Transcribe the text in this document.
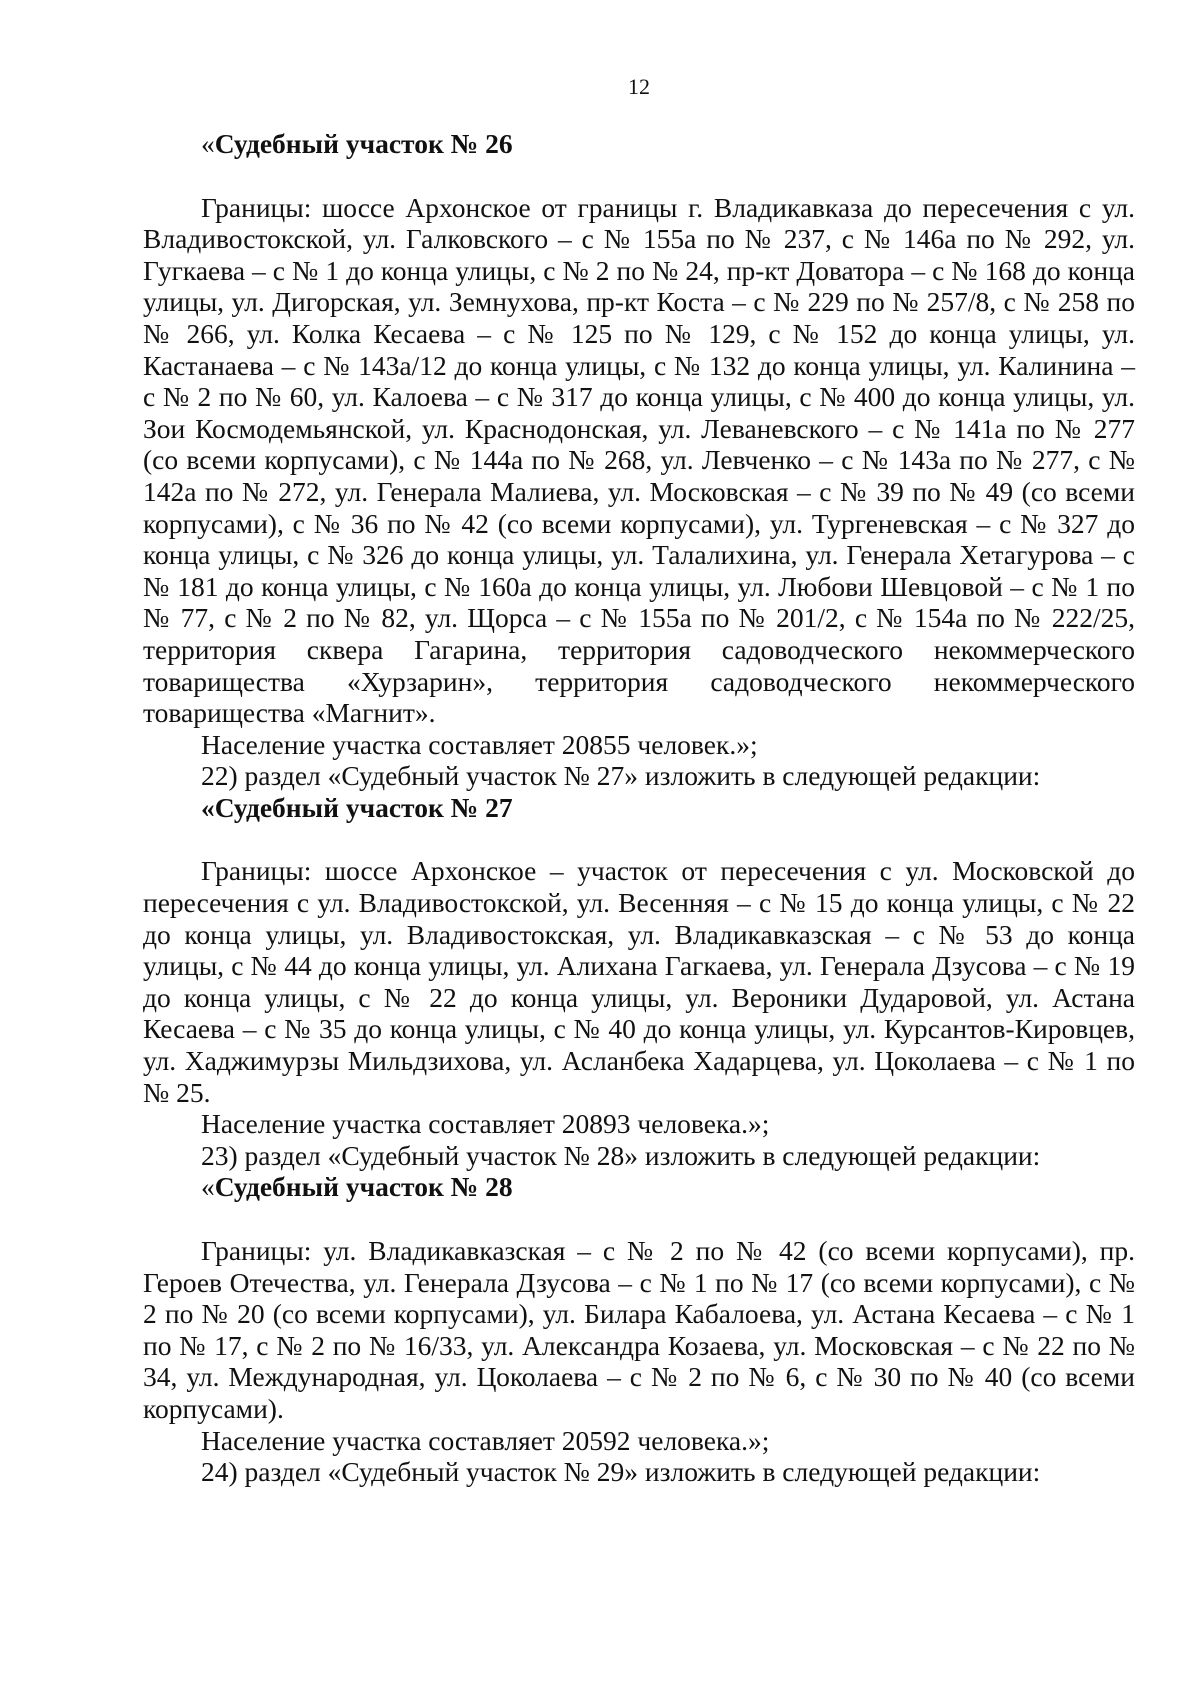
12

«Судебный участок № 26

Границы: шоссе Архонское от границы г. Владикавказа до пересечения с ул. Владивостокской, ул. Галковского – с № 155а по № 237, с № 146а по № 292, ул. Гугкаева – с № 1 до конца улицы, с № 2 по № 24, пр-кт Доватора – с № 168 до конца улицы, ул. Дигорская, ул. Земнухова, пр-кт Коста – с № 229 по № 257/8, с № 258 по № 266, ул. Колка Кесаева – с № 125 по № 129, с № 152 до конца улицы, ул. Кастанаева – с № 143а/12 до конца улицы, с № 132 до конца улицы, ул. Калинина – с № 2 по № 60, ул. Калоева – с № 317 до конца улицы, с № 400 до конца улицы, ул. Зои Космодемьянской, ул. Краснодонская, ул. Леваневского – с № 141а по № 277 (со всеми корпусами), с № 144а по № 268, ул. Левченко – с № 143а по № 277, с № 142а по № 272, ул. Генерала Малиева, ул. Московская – с № 39 по № 49 (со всеми корпусами), с № 36 по № 42 (со всеми корпусами), ул. Тургеневская – с № 327 до конца улицы, с № 326 до конца улицы, ул. Талалихина, ул. Генерала Хетагурова – с № 181 до конца улицы, с № 160а до конца улицы, ул. Любови Шевцовой – с № 1 по № 77, с № 2 по № 82, ул. Щорса – с № 155а по № 201/2, с № 154а по № 222/25, территория сквера Гагарина, территория садоводческого некоммерческого товарищества «Хурзарин», территория садоводческого некоммерческого товарищества «Магнит».

Население участка составляет 20855 человек.»;

22) раздел «Судебный участок № 27» изложить в следующей редакции:

«Судебный участок № 27

Границы: шоссе Архонское – участок от пересечения с ул. Московской до пересечения с ул. Владивостокской, ул. Весенняя – с № 15 до конца улицы, с № 22 до конца улицы, ул. Владивостокская, ул. Владикавказская – с № 53 до конца улицы, с № 44 до конца улицы, ул. Алихана Гагкаева, ул. Генерала Дзусова – с № 19 до конца улицы, с № 22 до конца улицы, ул. Вероники Дударовой, ул. Астана Кесаева – с № 35 до конца улицы, с № 40 до конца улицы, ул. Курсантов-Кировцев, ул. Хаджимурзы Мильдзихова, ул. Асланбека Хадарцева, ул. Цоколаева – с № 1 по № 25.

Население участка составляет 20893 человека.»;

23) раздел «Судебный участок № 28» изложить в следующей редакции:

«Судебный участок № 28

Границы: ул. Владикавказская – с № 2 по № 42 (со всеми корпусами), пр. Героев Отечества, ул. Генерала Дзусова – с № 1 по № 17 (со всеми корпусами), с № 2 по № 20 (со всеми корпусами), ул. Билара Кабалоева, ул. Астана Кесаева – с № 1 по № 17, с № 2 по № 16/33, ул. Александра Козаева, ул. Московская – с № 22 по № 34, ул. Международная, ул. Цоколаева – с № 2 по № 6, с № 30 по № 40 (со всеми корпусами).

Население участка составляет 20592 человека.»;

24) раздел «Судебный участок № 29» изложить в следующей редакции:
